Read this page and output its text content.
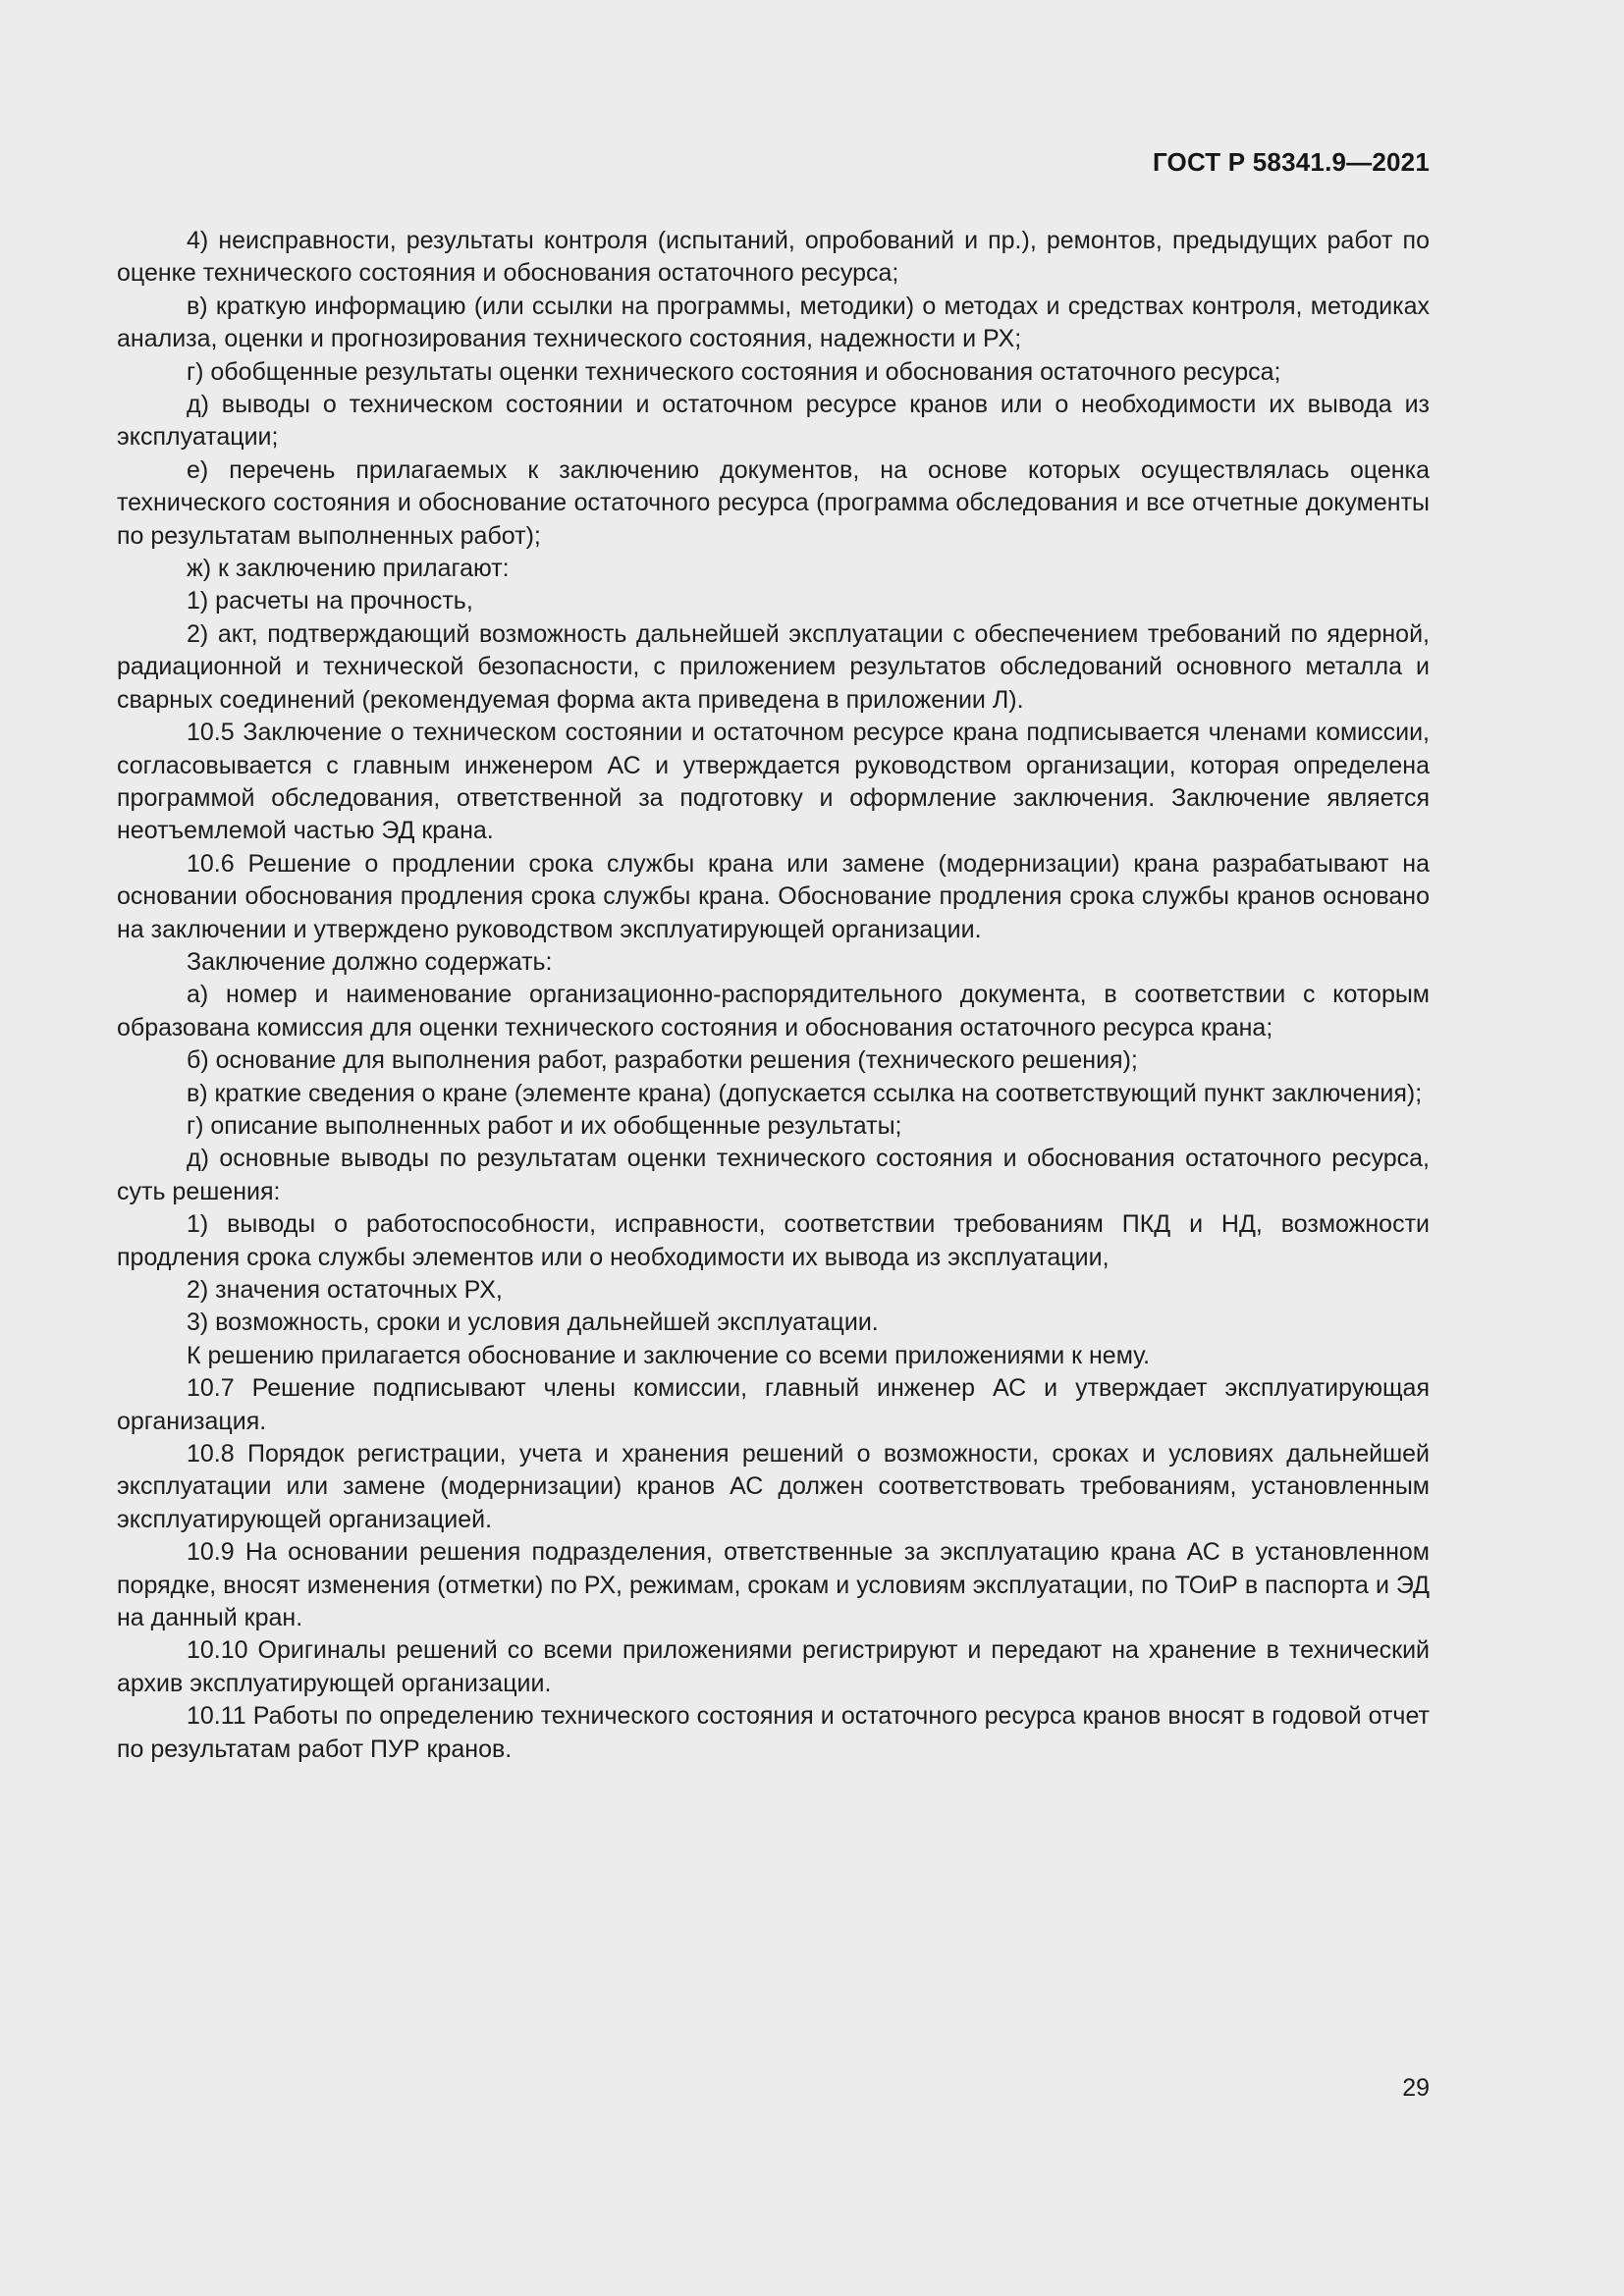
ГОСТ Р 58341.9—2021

4) неисправности, результаты контроля (испытаний, опробований и пр.), ремонтов, предыдущих работ по оценке технического состояния и обоснования остаточного ресурса;

в) краткую информацию (или ссылки на программы, методики) о методах и средствах контроля, методиках анализа, оценки и прогнозирования технического состояния, надежности и РХ;

г) обобщенные результаты оценки технического состояния и обоснования остаточного ресурса;

д) выводы о техническом состоянии и остаточном ресурсе кранов или о необходимости их вывода из эксплуатации;

е) перечень прилагаемых к заключению документов, на основе которых осуществлялась оценка технического состояния и обоснование остаточного ресурса (программа обследования и все отчетные документы по результатам выполненных работ);

ж) к заключению прилагают:

1) расчеты на прочность,

2) акт, подтверждающий возможность дальнейшей эксплуатации с обеспечением требований по ядерной, радиационной и технической безопасности, с приложением результатов обследований основного металла и сварных соединений (рекомендуемая форма акта приведена в приложении Л).

10.5 Заключение о техническом состоянии и остаточном ресурсе крана подписывается членами комиссии, согласовывается с главным инженером АС и утверждается руководством организации, которая определена программой обследования, ответственной за подготовку и оформление заключения. Заключение является неотъемлемой частью ЭД крана.

10.6 Решение о продлении срока службы крана или замене (модернизации) крана разрабатывают на основании обоснования продления срока службы крана. Обоснование продления срока службы кранов основано на заключении и утверждено руководством эксплуатирующей организации.

Заключение должно содержать:

а) номер и наименование организационно-распорядительного документа, в соответствии с которым образована комиссия для оценки технического состояния и обоснования остаточного ресурса крана;

б) основание для выполнения работ, разработки решения (технического решения);

в) краткие сведения о кране (элементе крана) (допускается ссылка на соответствующий пункт заключения);

г) описание выполненных работ и их обобщенные результаты;

д) основные выводы по результатам оценки технического состояния и обоснования остаточного ресурса, суть решения:

1) выводы о работоспособности, исправности, соответствии требованиям ПКД и НД, возможности продления срока службы элементов или о необходимости их вывода из эксплуатации,

2) значения остаточных РХ,

3) возможность, сроки и условия дальнейшей эксплуатации.

К решению прилагается обоснование и заключение со всеми приложениями к нему.

10.7 Решение подписывают члены комиссии, главный инженер АС и утверждает эксплуатирующая организация.

10.8 Порядок регистрации, учета и хранения решений о возможности, сроках и условиях дальнейшей эксплуатации или замене (модернизации) кранов АС должен соответствовать требованиям, установленным эксплуатирующей организацией.

10.9 На основании решения подразделения, ответственные за эксплуатацию крана АС в установленном порядке, вносят изменения (отметки) по РХ, режимам, срокам и условиям эксплуатации, по ТОиР в паспорта и ЭД на данный кран.

10.10 Оригиналы решений со всеми приложениями регистрируют и передают на хранение в технический архив эксплуатирующей организации.

10.11 Работы по определению технического состояния и остаточного ресурса кранов вносят в годовой отчет по результатам работ ПУР кранов.

29
